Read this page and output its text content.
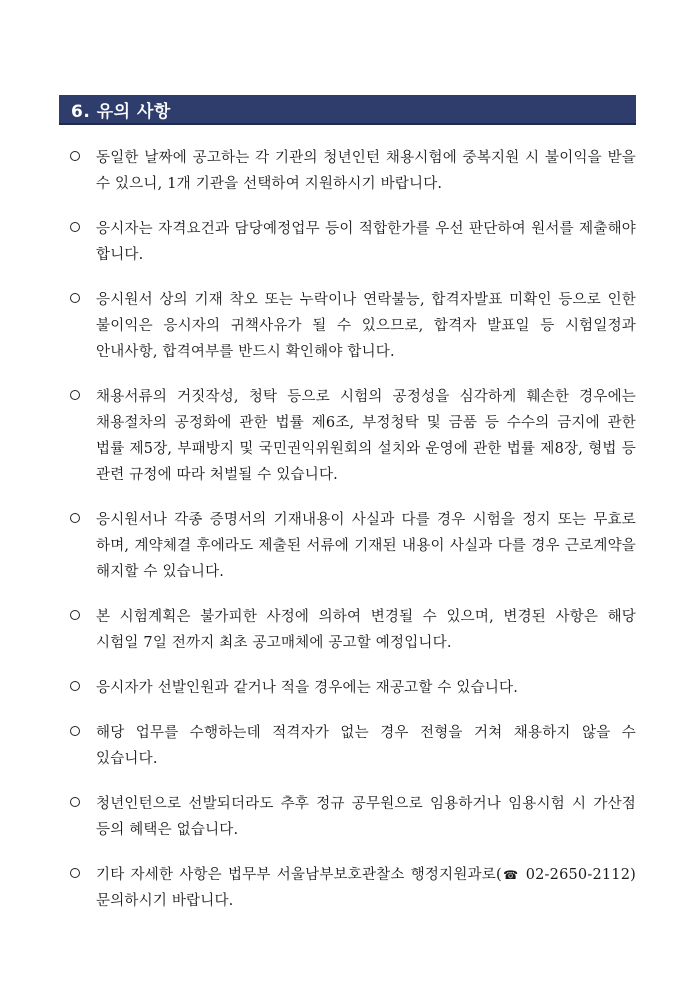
6. 유의 사항
동일한 날짜에 공고하는 각 기관의 청년인턴 채용시험에 중복지원 시 불이익을 받을 수 있으니, 1개 기관을 선택하여 지원하시기 바랍니다.
응시자는 자격요건과 담당예정업무 등이 적합한가를 우선 판단하여 원서를 제출해야 합니다.
응시원서 상의 기재 착오 또는 누락이나 연락불능, 합격자발표 미확인 등으로 인한 불이익은 응시자의 귀책사유가 될 수 있으므로, 합격자 발표일 등 시험일정과 안내사항, 합격여부를 반드시 확인해야 합니다.
채용서류의 거짓작성, 청탁 등으로 시험의 공정성을 심각하게 훼손한 경우에는 채용절차의 공정화에 관한 법률 제6조, 부정청탁 및 금품 등 수수의 금지에 관한 법률 제5장, 부패방지 및 국민권익위원회의 설치와 운영에 관한 법률 제8장, 형법 등 관련 규정에 따라 처벌될 수 있습니다.
응시원서나 각종 증명서의 기재내용이 사실과 다를 경우 시험을 정지 또는 무효로 하며, 계약체결 후에라도 제출된 서류에 기재된 내용이 사실과 다를 경우 근로계약을 해지할 수 있습니다.
본 시험계획은 불가피한 사정에 의하여 변경될 수 있으며, 변경된 사항은 해당 시험일 7일 전까지 최초 공고매체에 공고할 예정입니다.
응시자가 선발인원과 같거나 적을 경우에는 재공고할 수 있습니다.
해당 업무를 수행하는데 적격자가 없는 경우 전형을 거쳐 채용하지 않을 수 있습니다.
청년인턴으로 선발되더라도 추후 정규 공무원으로 임용하거나 임용시험 시 가산점 등의 혜택은 없습니다.
기타 자세한 사항은 법무부 서울남부보호관찰소 행정지원과로(☎ 02-2650-2112) 문의하시기 바랍니다.
